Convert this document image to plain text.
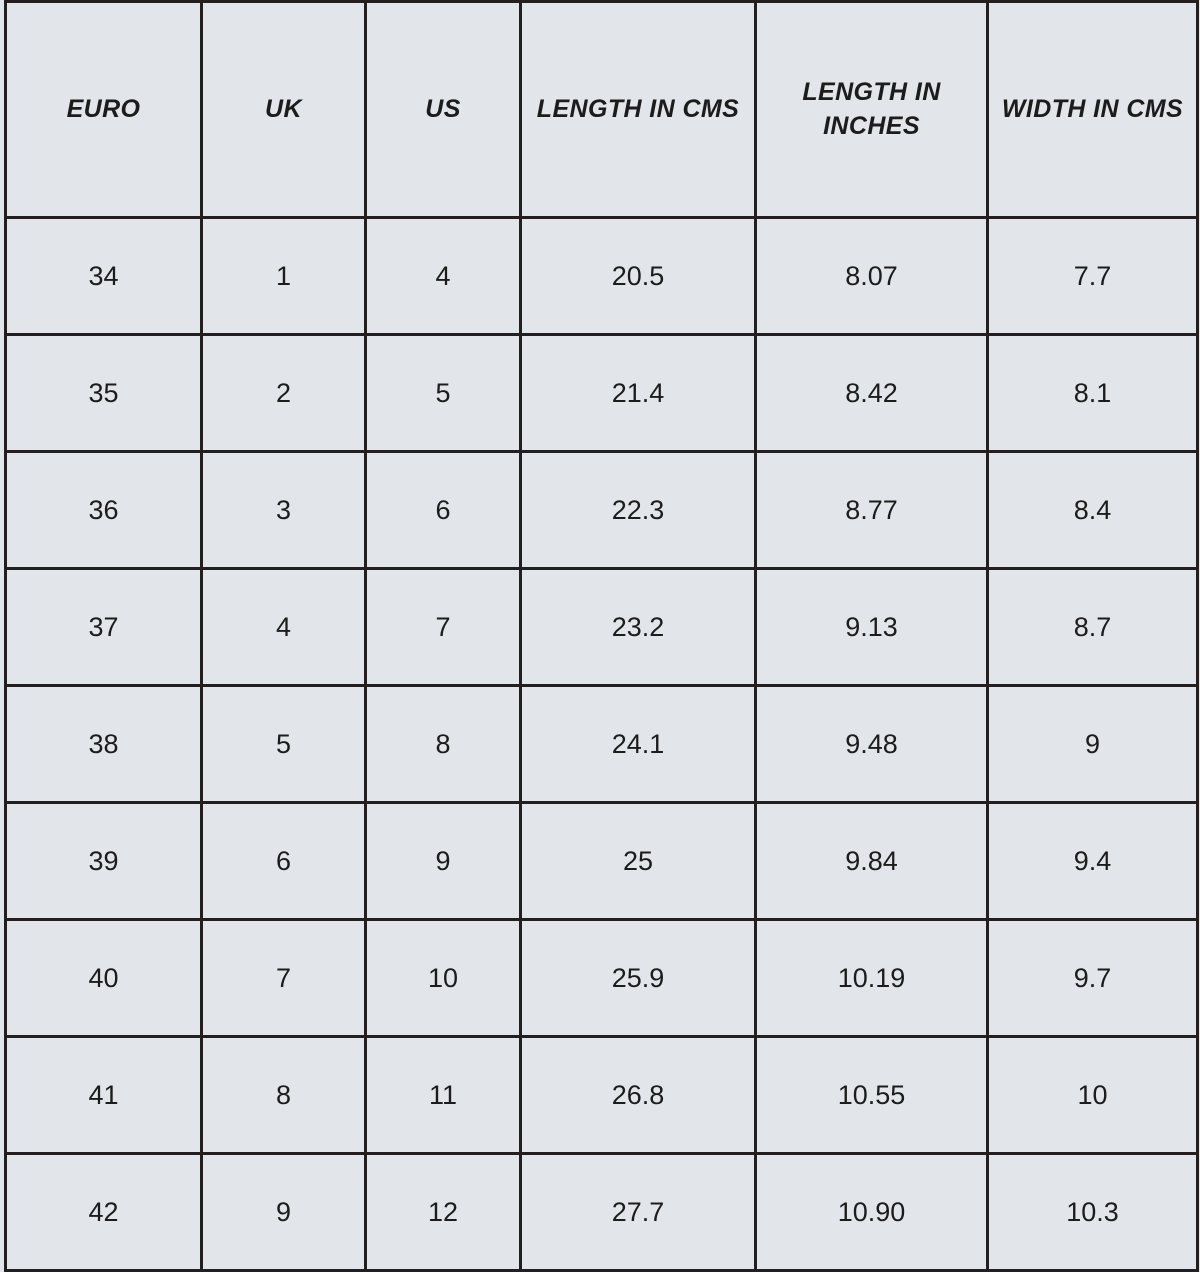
EURO	UK	US	LENGTH IN CMS	LENGTH IN INCHES	WIDTH IN CMS
34	1	4	20.5	8.07	7.7
35	2	5	21.4	8.42	8.1
36	3	6	22.3	8.77	8.4
37	4	7	23.2	9.13	8.7
38	5	8	24.1	9.48	9
39	6	9	25	9.84	9.4
40	7	10	25.9	10.19	9.7
41	8	11	26.8	10.55	10
42	9	12	27.7	10.90	10.3
